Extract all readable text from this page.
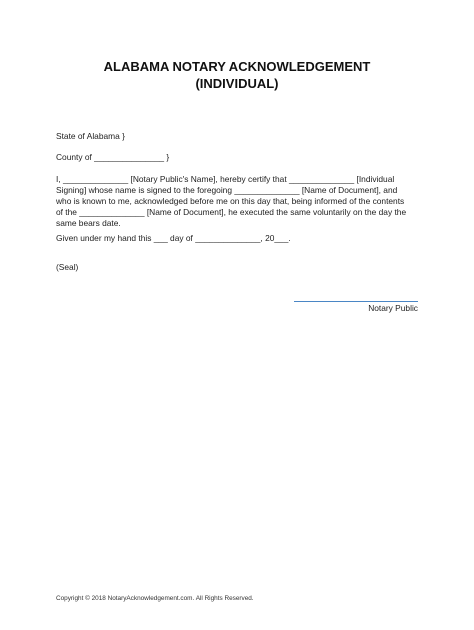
ALABAMA NOTARY ACKNOWLEDGEMENT
(INDIVIDUAL)
State of Alabama }
County of _______________ }
I, ______________ [Notary Public's Name], hereby certify that ______________ [Individual
Signing] whose name is signed to the foregoing ______________ [Name of Document], and
who is known to me, acknowledged before me on this day that, being informed of the contents
of the ______________ [Name of Document], he executed the same voluntarily on the day the
same bears date.
Given under my hand this ___ day of ______________, 20___.
(Seal)
Notary Public
Copyright © 2018 NotaryAcknowledgement.com. All Rights Reserved.
